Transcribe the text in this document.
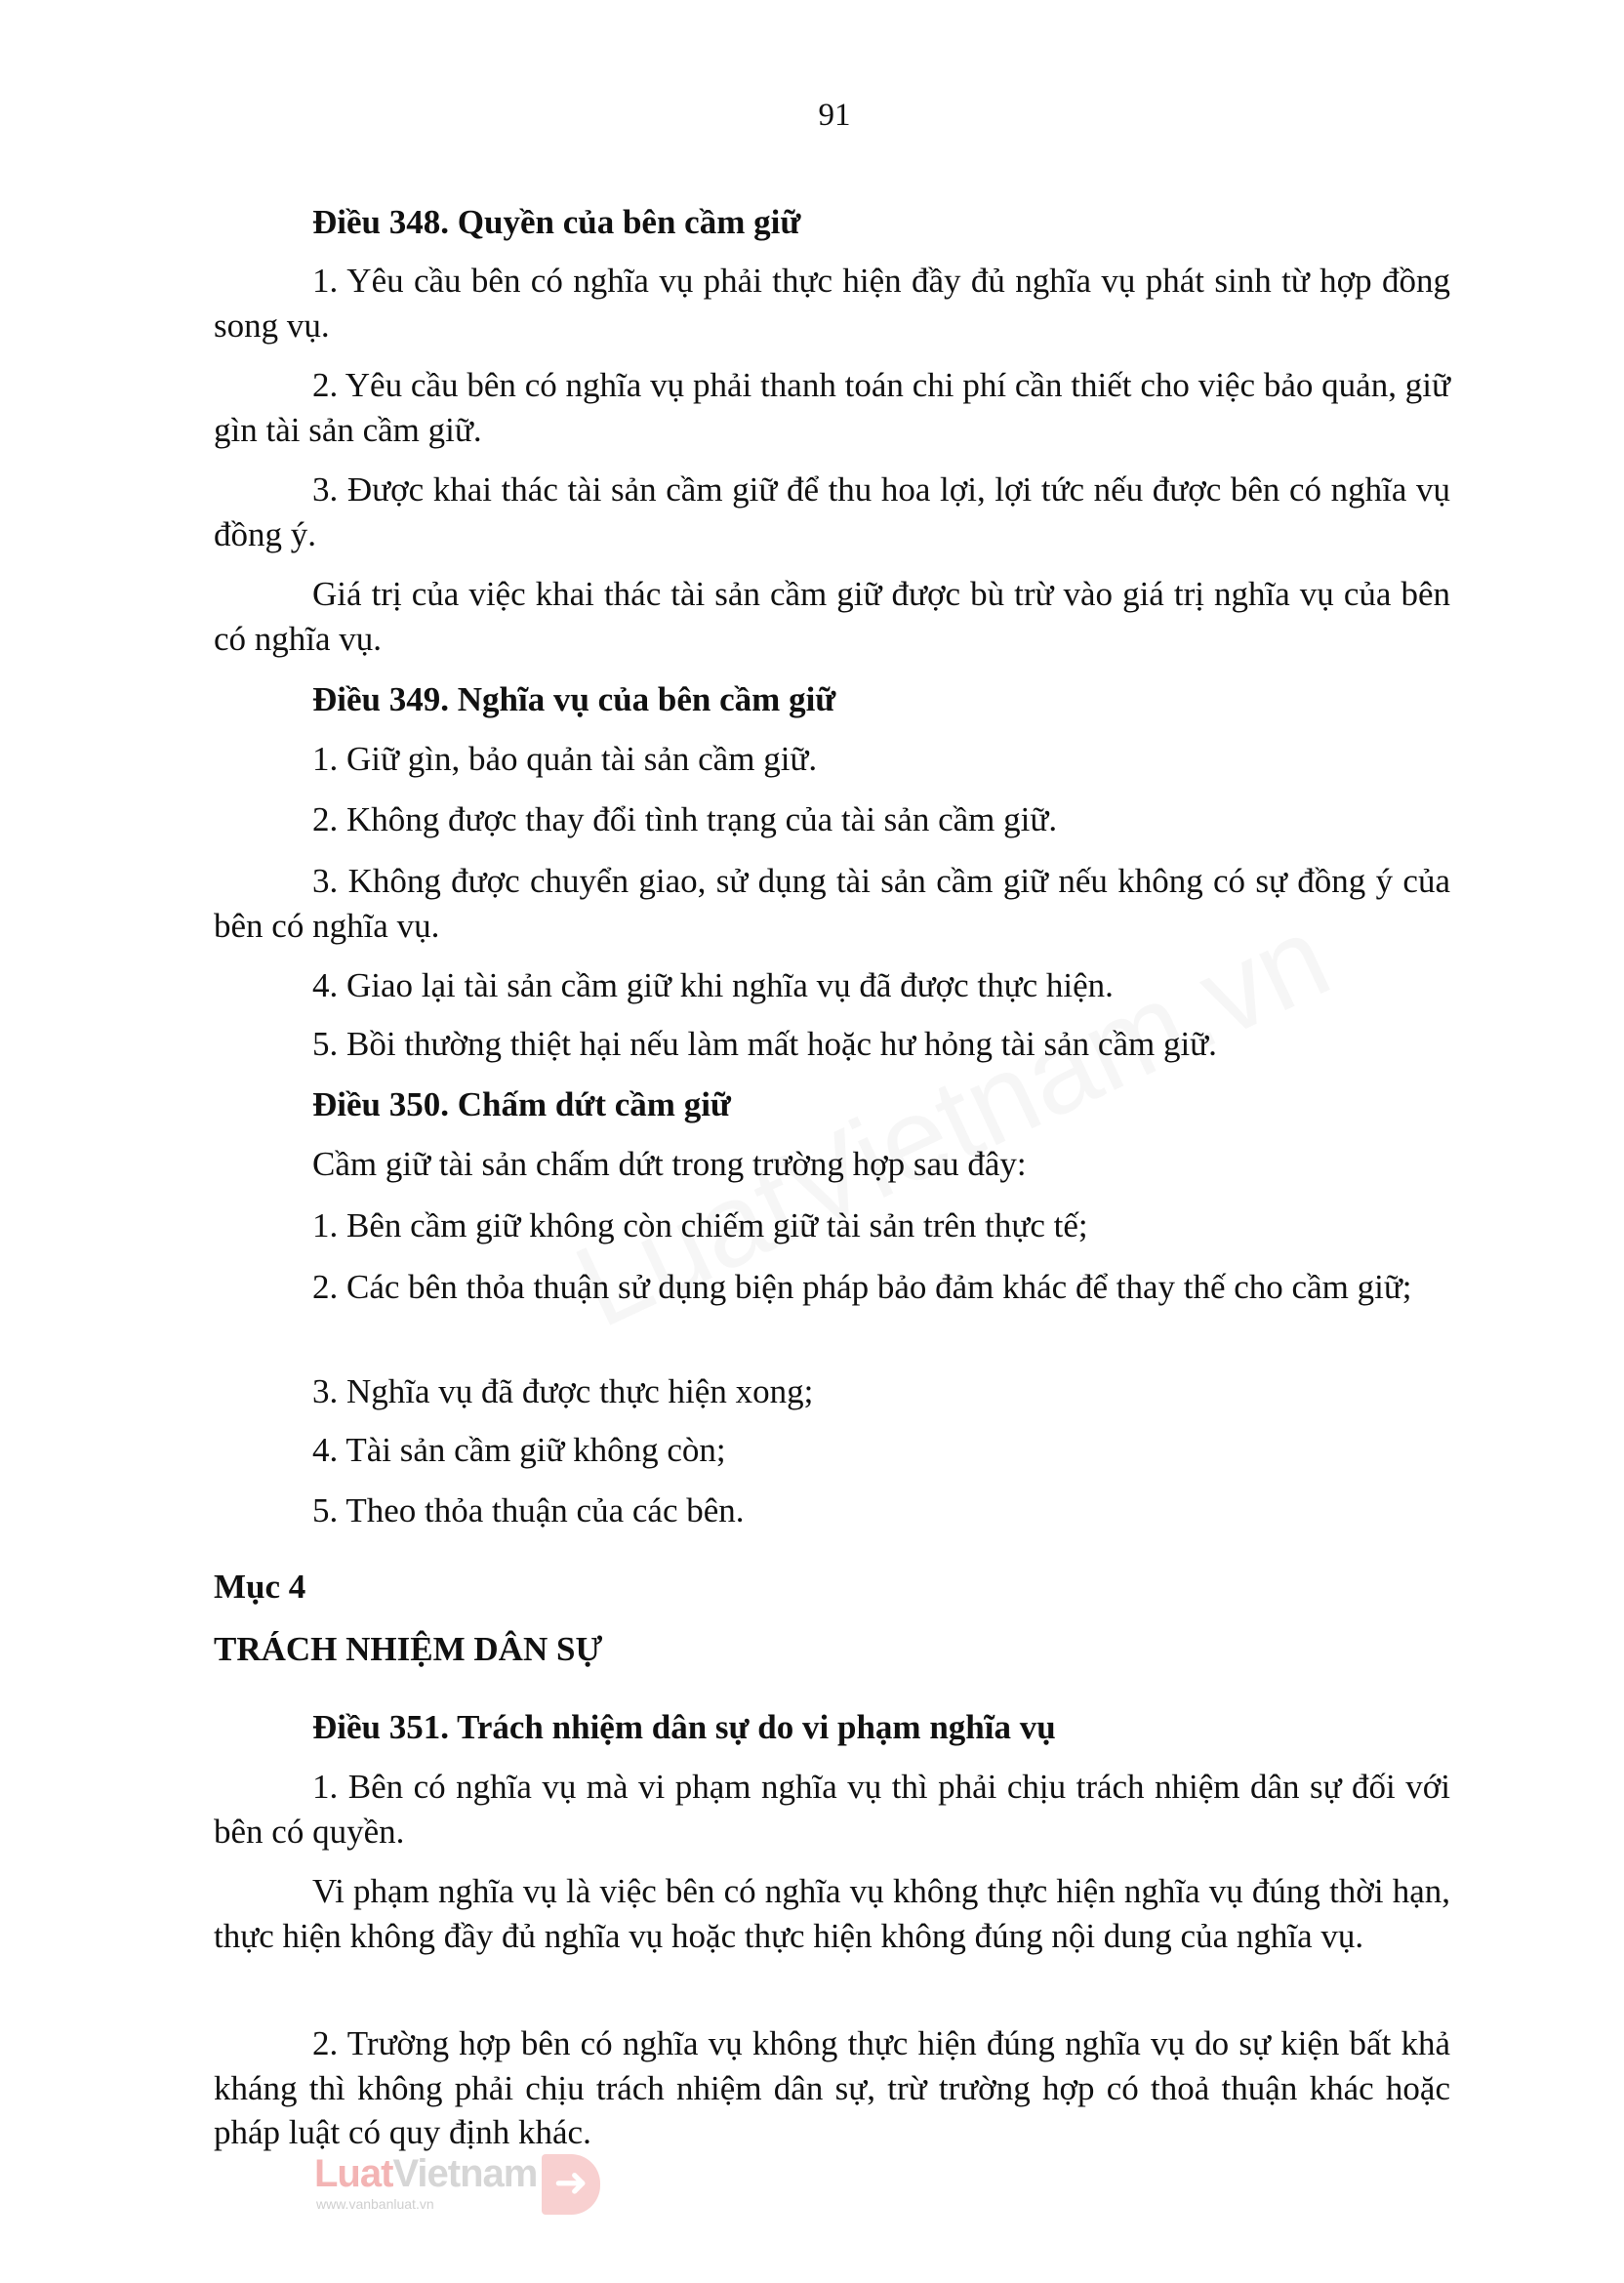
91
Điều 348. Quyền của bên cầm giữ
1. Yêu cầu bên có nghĩa vụ phải thực hiện đầy đủ nghĩa vụ phát sinh từ hợp đồng song vụ.
2. Yêu cầu bên có nghĩa vụ phải thanh toán chi phí cần thiết cho việc bảo quản, giữ gìn tài sản cầm giữ.
3. Được khai thác tài sản cầm giữ để thu hoa lợi, lợi tức nếu được bên có nghĩa vụ đồng ý.
Giá trị của việc khai thác tài sản cầm giữ được bù trừ vào giá trị nghĩa vụ của bên có nghĩa vụ.
Điều 349. Nghĩa vụ của bên cầm giữ
1. Giữ gìn, bảo quản tài sản cầm giữ.
2. Không được thay đổi tình trạng của tài sản cầm giữ.
3. Không được chuyển giao, sử dụng tài sản cầm giữ nếu không có sự đồng ý của bên có nghĩa vụ.
4. Giao lại tài sản cầm giữ khi nghĩa vụ đã được thực hiện.
5. Bồi thường thiệt hại nếu làm mất hoặc hư hỏng tài sản cầm giữ.
Điều 350. Chấm dứt cầm giữ
Cầm giữ tài sản chấm dứt trong trường hợp sau đây:
1. Bên cầm giữ không còn chiếm giữ tài sản trên thực tế;
2. Các bên thỏa thuận sử dụng biện pháp bảo đảm khác để thay thế cho cầm giữ;
3. Nghĩa vụ đã được thực hiện xong;
4. Tài sản cầm giữ không còn;
5. Theo thỏa thuận của các bên.
Mục 4
TRÁCH NHIỆM DÂN SỰ
Điều 351. Trách nhiệm dân sự do vi phạm nghĩa vụ
1. Bên có nghĩa vụ mà vi phạm nghĩa vụ thì phải chịu trách nhiệm dân sự đối với bên có quyền.
Vi phạm nghĩa vụ là việc bên có nghĩa vụ không thực hiện nghĩa vụ đúng thời hạn, thực hiện không đầy đủ nghĩa vụ hoặc thực hiện không đúng nội dung của nghĩa vụ.
2. Trường hợp bên có nghĩa vụ không thực hiện đúng nghĩa vụ do sự kiện bất khả kháng thì không phải chịu trách nhiệm dân sự, trừ trường hợp có thoả thuận khác hoặc pháp luật có quy định khác.
LuatVietnam
www.vanbanluat.vn	➜
